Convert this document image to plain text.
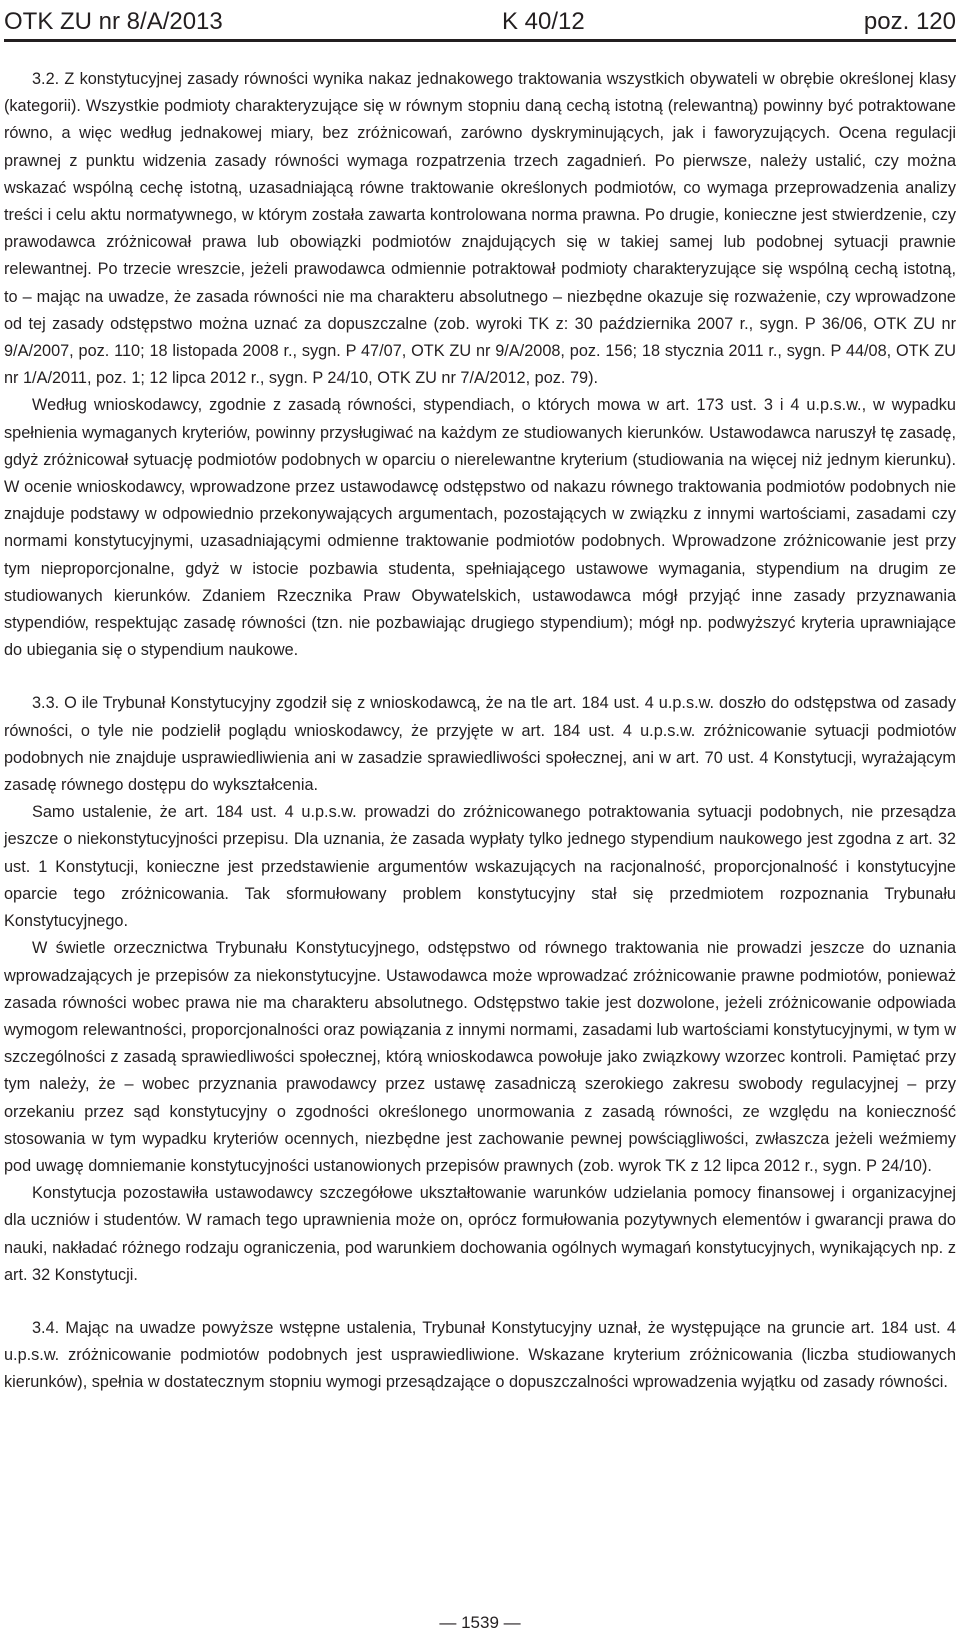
OTK ZU nr 8/A/2013	K 40/12	poz. 120

3.2. Z konstytucyjnej zasady równości wynika nakaz jednakowego traktowania wszystkich obywateli w obrębie określonej klasy (kategorii). Wszystkie podmioty charakteryzujące się w równym stopniu daną cechą istotną (relewantną) powinny być potraktowane równo, a więc według jednakowej miary, bez zróżnicowań, zarówno dyskryminujących, jak i faworyzujących. Ocena regulacji prawnej z punktu widzenia zasady równości wymaga rozpatrzenia trzech zagadnień. Po pierwsze, należy ustalić, czy można wskazać wspólną cechę istotną, uzasadniającą równe traktowanie określonych podmiotów, co wymaga przeprowadzenia analizy treści i celu aktu normatywnego, w którym została zawarta kontrolowana norma prawna. Po drugie, konieczne jest stwierdzenie, czy prawodawca zróżnicował prawa lub obowiązki podmiotów znajdujących się w takiej samej lub podobnej sytuacji prawnie relewantnej. Po trzecie wreszcie, jeżeli prawodawca odmiennie potraktował podmioty charakteryzujące się wspólną cechą istotną, to – mając na uwadze, że zasada równości nie ma charakteru absolutnego – niezbędne okazuje się rozważenie, czy wprowadzone od tej zasady odstępstwo można uznać za dopuszczalne (zob. wyroki TK z: 30 października 2007 r., sygn. P 36/06, OTK ZU nr 9/A/2007, poz. 110; 18 listopada 2008 r., sygn. P 47/07, OTK ZU nr 9/A/2008, poz. 156; 18 stycznia 2011 r., sygn. P 44/08, OTK ZU nr 1/A/2011, poz. 1; 12 lipca 2012 r., sygn. P 24/10, OTK ZU nr 7/A/2012, poz. 79).

Według wnioskodawcy, zgodnie z zasadą równości, stypendiach, o których mowa w art. 173 ust. 3 i 4 u.p.s.w., w wypadku spełnienia wymaganych kryteriów, powinny przysługiwać na każdym ze studiowanych kierunków. Ustawodawca naruszył tę zasadę, gdyż zróżnicował sytuację podmiotów podobnych w oparciu o nierelewantne kryterium (studiowania na więcej niż jednym kierunku). W ocenie wnioskodawcy, wprowadzone przez ustawodawcę odstępstwo od nakazu równego traktowania podmiotów podobnych nie znajduje podstawy w odpowiednio przekonywających argumentach, pozostających w związku z innymi wartościami, zasadami czy normami konstytucyjnymi, uzasadniającymi odmienne traktowanie podmiotów podobnych. Wprowadzone zróżnicowanie jest przy tym nieproporcjonalne, gdyż w istocie pozbawia studenta, spełniającego ustawowe wymagania, stypendium na drugim ze studiowanych kierunków. Zdaniem Rzecznika Praw Obywatelskich, ustawodawca mógł przyjąć inne zasady przyznawania stypendiów, respektując zasadę równości (tzn. nie pozbawiając drugiego stypendium); mógł np. podwyższyć kryteria uprawniające do ubiegania się o stypendium naukowe.

3.3. O ile Trybunał Konstytucyjny zgodził się z wnioskodawcą, że na tle art. 184 ust. 4 u.p.s.w. doszło do odstępstwa od zasady równości, o tyle nie podzielił poglądu wnioskodawcy, że przyjęte w art. 184 ust. 4 u.p.s.w. zróżnicowanie sytuacji podmiotów podobnych nie znajduje usprawiedliwienia ani w zasadzie sprawiedliwości społecznej, ani w art. 70 ust. 4 Konstytucji, wyrażającym zasadę równego dostępu do wykształcenia.

Samo ustalenie, że art. 184 ust. 4 u.p.s.w. prowadzi do zróżnicowanego potraktowania sytuacji podobnych, nie przesądza jeszcze o niekonstytucyjności przepisu. Dla uznania, że zasada wypłaty tylko jednego stypendium naukowego jest zgodna z art. 32 ust. 1 Konstytucji, konieczne jest przedstawienie argumentów wskazujących na racjonalność, proporcjonalność i konstytucyjne oparcie tego zróżnicowania. Tak sformułowany problem konstytucyjny stał się przedmiotem rozpoznania Trybunału Konstytucyjnego.

W świetle orzecznictwa Trybunału Konstytucyjnego, odstępstwo od równego traktowania nie prowadzi jeszcze do uznania wprowadzających je przepisów za niekonstytucyjne. Ustawodawca może wprowadzać zróżnicowanie prawne podmiotów, ponieważ zasada równości wobec prawa nie ma charakteru absolutnego. Odstępstwo takie jest dozwolone, jeżeli zróżnicowanie odpowiada wymogom relewantności, proporcjonalności oraz powiązania z innymi normami, zasadami lub wartościami konstytucyjnymi, w tym w szczególności z zasadą sprawiedliwości społecznej, którą wnioskodawca powołuje jako związkowy wzorzec kontroli. Pamiętać przy tym należy, że – wobec przyznania prawodawcy przez ustawę zasadniczą szerokiego zakresu swobody regulacyjnej – przy orzekaniu przez sąd konstytucyjny o zgodności określonego unormowania z zasadą równości, ze względu na konieczność stosowania w tym wypadku kryteriów ocennych, niezbędne jest zachowanie pewnej powściągliwości, zwłaszcza jeżeli weźmiemy pod uwagę domniemanie konstytucyjności ustanowionych przepisów prawnych (zob. wyrok TK z 12 lipca 2012 r., sygn. P 24/10).

Konstytucja pozostawiła ustawodawcy szczegółowe ukształtowanie warunków udzielania pomocy finansowej i organizacyjnej dla uczniów i studentów. W ramach tego uprawnienia może on, oprócz formułowania pozytywnych elementów i gwarancji prawa do nauki, nakładać różnego rodzaju ograniczenia, pod warunkiem dochowania ogólnych wymagań konstytucyjnych, wynikających np. z art. 32 Konstytucji.

3.4. Mając na uwadze powyższe wstępne ustalenia, Trybunał Konstytucyjny uznał, że występujące na gruncie art. 184 ust. 4 u.p.s.w. zróżnicowanie podmiotów podobnych jest usprawiedliwione. Wskazane kryterium zróżnicowania (liczba studiowanych kierunków), spełnia w dostatecznym stopniu wymogi przesądzające o dopuszczalności wprowadzenia wyjątku od zasady równości.

— 1539 —
